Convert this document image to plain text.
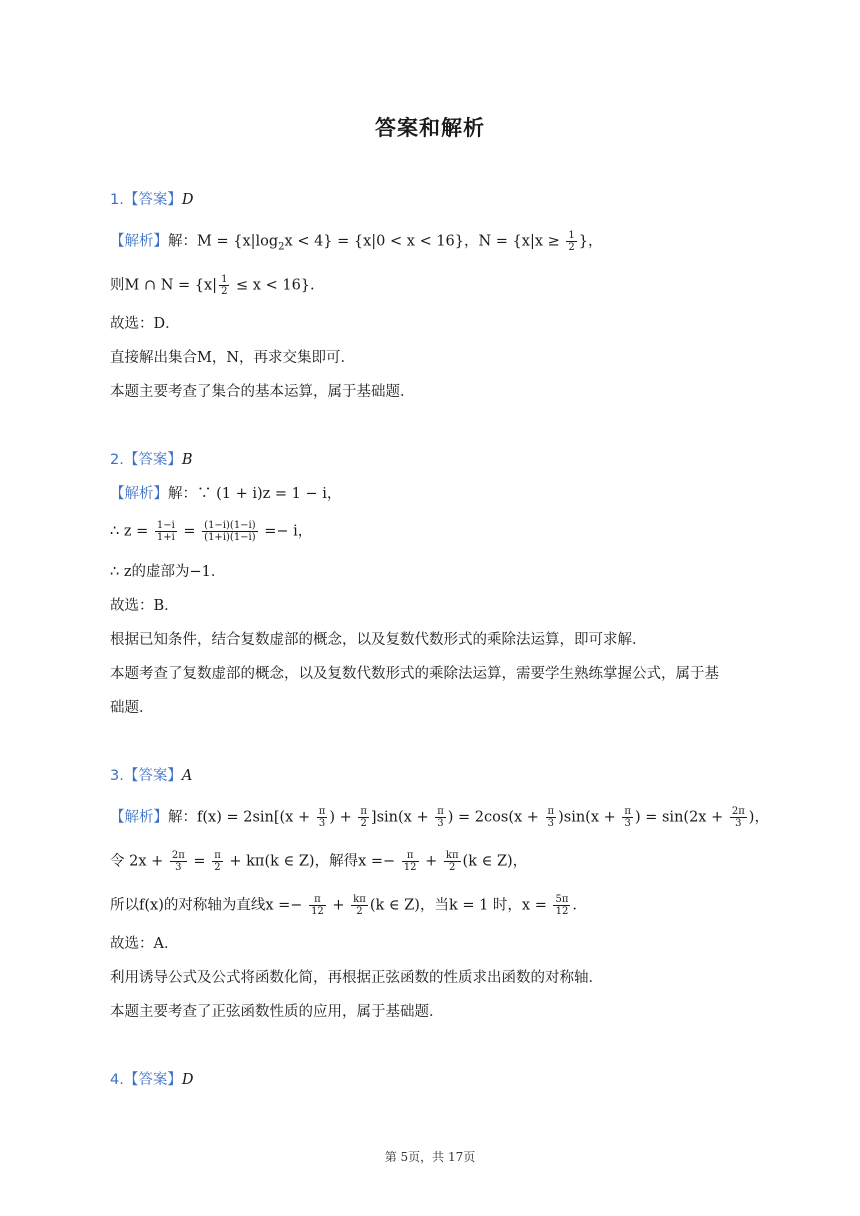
答案和解析
1.【答案】D
【解析】解：$M = \{x|\log_2x < 4\} = \{x|0 < x < 16\}$，$N = \{x|x \ge \frac{1}{2}$ }，
则M ∩ $N = \{x| \frac{1}{2} \le x < 16\}$.
故选：D．
直接解出集合M，N，再求交集即可．
本题主要考查了集合的基本运算，属于基础题．
2.【答案】B
【解析】解：∵ (1 + i)z = 1 − i，
∴ $z = \frac{1-i}{1+i} = \frac{(1-i)(1-i)}{(1+i)(1-i)} =- i$，
∴ z的虚部为−1．
故选：B．
根据已知条件，结合复数虚部的概念，以及复数代数形式的乘除法运算，即可求解．
本题考查了复数虚部的概念，以及复数代数形式的乘除法运算，需要学生熟练掌握公式，属于基
础题．
3.【答案】A
【解析】解：$f(x) = 2\sin[(x + \frac{\pi}{3}$ ) + $\frac{\pi}{2} ]\sin(x + \frac{\pi}{3}$ ) = $2\cos(x + \frac{\pi}{3} )\sin(x + \frac{\pi}{3}$ ) = $\sin(2x + \frac{2\pi}{3}$ )，
令 $2x + \frac{2\pi}{3} = \frac{\pi}{2} + k\pi(k$ ∈ Z)，解得$x =- \frac{\pi}{12} + \frac{k\pi}{2} (k$ ∈ Z)，
所以f(x)的对称轴为直线$x =- \frac{\pi}{12} + \frac{k\pi}{2} (k$ ∈ Z)，当k = 1 时，$x = \frac{5\pi}{12}$ .
故选：A．
利用诱导公式及公式将函数化简，再根据正弦函数的性质求出函数的对称轴．
本题主要考查了正弦函数性质的应用，属于基础题．
4.【答案】D
第 5页，共 17页
